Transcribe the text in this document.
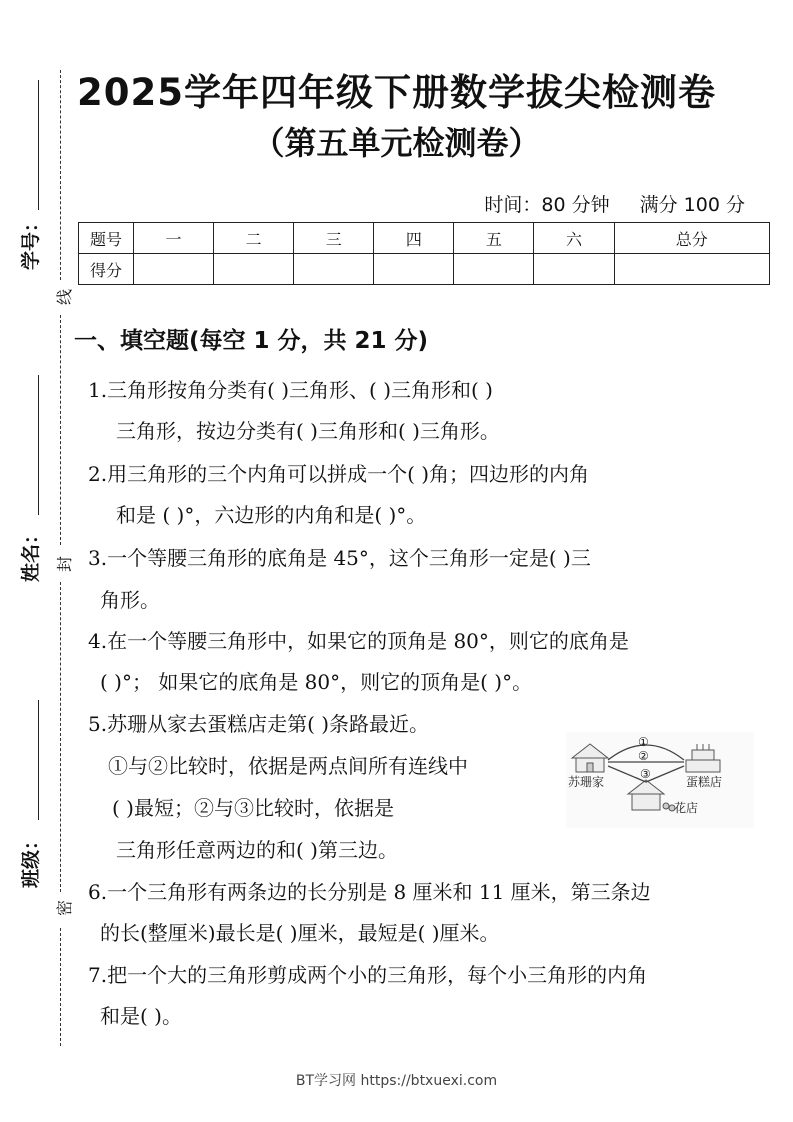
学号：
姓名：
班级：
线
封
密
2025学年四年级下册数学拔尖检测卷
（第五单元检测卷）
时间：80 分钟 满分 100 分
题号	一	二	三	四	五	六	总分
得分							
一、填空题(每空 1 分，共 21 分)
1.三角形按角分类有( )三角形、( )三角形和( )
三角形，按边分类有( )三角形和( )三角形。
2.用三角形的三个内角可以拼成一个( )角；四边形的内角
和是 ( )°，六边形的内角和是( )°。
3.一个等腰三角形的底角是 45°，这个三角形一定是( )三
角形。
4.在一个等腰三角形中，如果它的顶角是 80°，则它的底角是
( )°； 如果它的底角是 80°，则它的顶角是( )°。
5.苏珊从家去蛋糕店走第( )条路最近。
①与②比较时，依据是两点间所有连线中
( )最短；②与③比较时，依据是
三角形任意两边的和( )第三边。
6.一个三角形有两条边的长分别是 8 厘米和 11 厘米，第三条边
的长(整厘米)最长是( )厘米，最短是( )厘米。
7.把一个大的三角形剪成两个小的三角形，每个小三角形的内角
和是( )。
①
②
③
苏珊家	蛋糕店
花店
BT学习网 https://btxuexi.com
